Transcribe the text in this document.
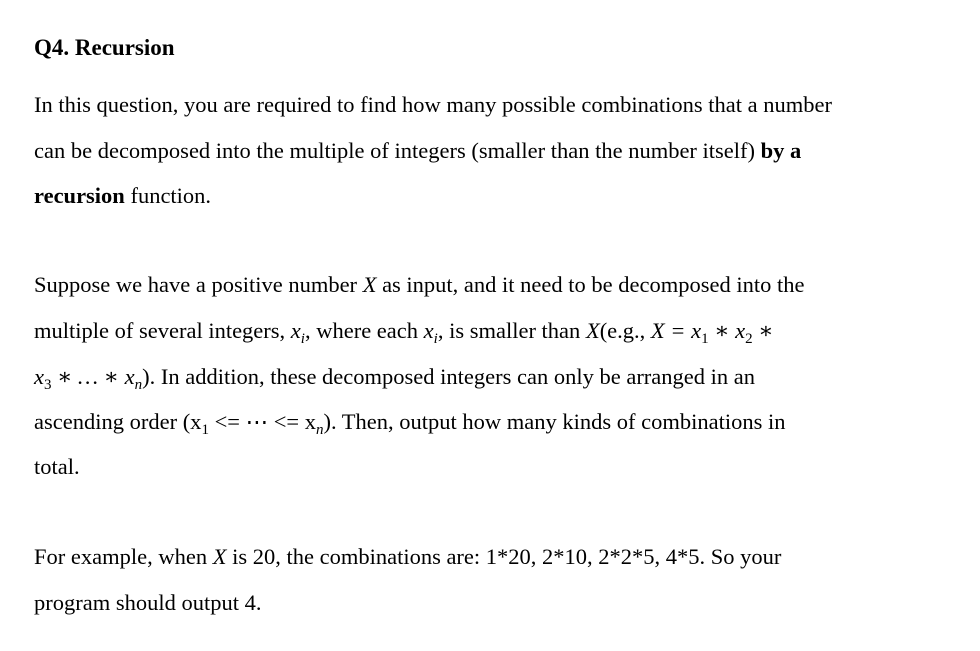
Q4. Recursion
In this question, you are required to find how many possible combinations that a number
can be decomposed into the multiple of integers (smaller than the number itself) by a
recursion function.
Suppose we have a positive number X as input, and it need to be decomposed into the
multiple of several integers, $x_i$, where each $x_i$, is smaller than X(e.g., $X = x_1$ ∗ $x_2$ ∗
$x_3$ ∗ … ∗ $x_n$). In addition, these decomposed integers can only be arranged in an
ascending order ($x_1$ <= ⋯ <= $x_n$). Then, output how many kinds of combinations in
total.
For example, when X is 20, the combinations are: 1*20, 2*10, 2*2*5, 4*5. So your
program should output 4.
